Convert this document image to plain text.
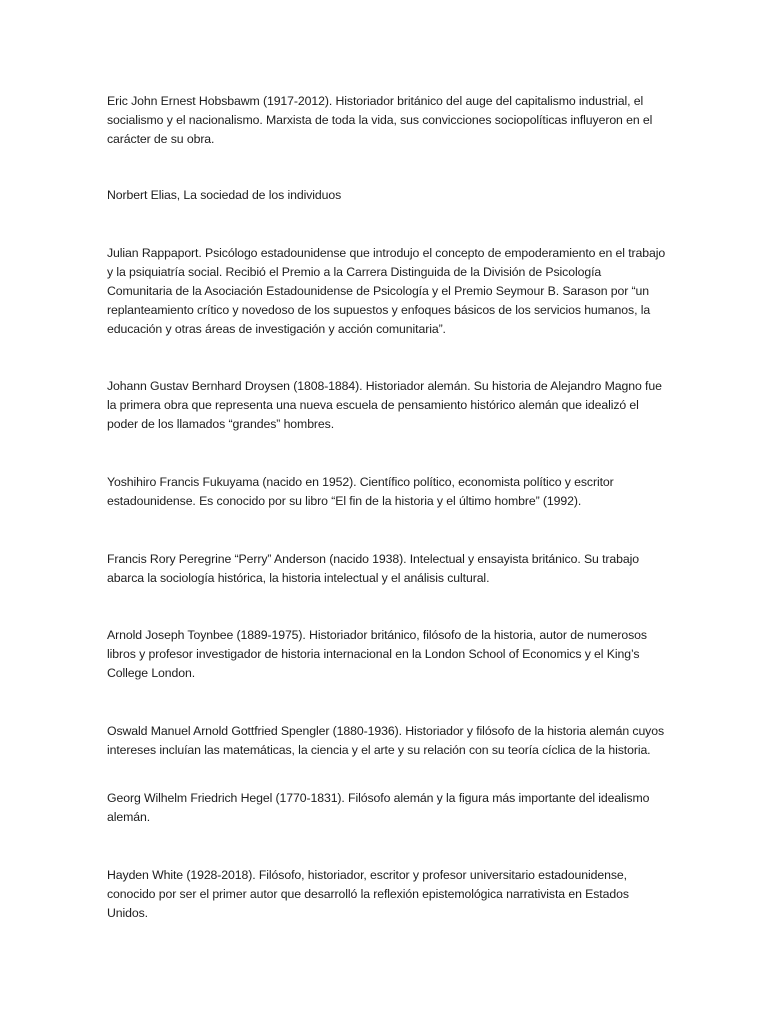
Eric John Ernest Hobsbawm (1917-2012). Historiador británico del auge del capitalismo industrial, el socialismo y el nacionalismo. Marxista de toda la vida, sus convicciones sociopolíticas influyeron en el carácter de su obra.

Norbert Elias, La sociedad de los individuos

Julian Rappaport. Psicólogo estadounidense que introdujo el concepto de empoderamiento en el trabajo y la psiquiatría social. Recibió el Premio a la Carrera Distinguida de la División de Psicología Comunitaria de la Asociación Estadounidense de Psicología y el Premio Seymour B. Sarason por “un replanteamiento crítico y novedoso de los supuestos y enfoques básicos de los servicios humanos, la educación y otras áreas de investigación y acción comunitaria”.

Johann Gustav Bernhard Droysen (1808-1884). Historiador alemán. Su historia de Alejandro Magno fue la primera obra que representa una nueva escuela de pensamiento histórico alemán que idealizó el poder de los llamados “grandes” hombres.

Yoshihiro Francis Fukuyama (nacido en 1952). Científico político, economista político y escritor estadounidense. Es conocido por su libro “El fin de la historia y el último hombre” (1992).

Francis Rory Peregrine “Perry” Anderson (nacido 1938). Intelectual y ensayista británico. Su trabajo abarca la sociología histórica, la historia intelectual y el análisis cultural.

Arnold Joseph Toynbee (1889-1975). Historiador británico, filósofo de la historia, autor de numerosos libros y profesor investigador de historia internacional en la London School of Economics y el King’s College London.

Oswald Manuel Arnold Gottfried Spengler (1880-1936). Historiador y filósofo de la historia alemán cuyos intereses incluían las matemáticas, la ciencia y el arte y su relación con su teoría cíclica de la historia.

Georg Wilhelm Friedrich Hegel (1770-1831). Filósofo alemán y la figura más importante del idealismo alemán.

Hayden White (1928-2018). Filósofo, historiador, escritor y profesor universitario estadounidense, conocido por ser el primer autor que desarrolló la reflexión epistemológica narrativista en Estados Unidos.
